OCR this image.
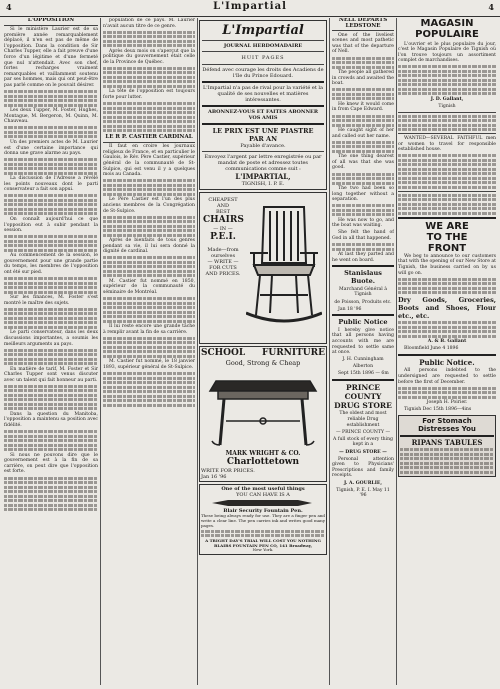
4	L'Impartial	4

L'OPPOSITION

Si le ministère Laurier est de sa première année remarquablement déplacé, il n'en est pas de même de l'opposition. Dans la condition de Sir Charles Tupper, elle a fait preuve d'une force d'un légitime et d'une fermeté que nul n'attendait. Avec son chef, fortes recharges vraiment remarquables et vaillamment soutenu par ses hommes, mais qui ont peut-être pas parlé comme on le pouvait désirer.

Les deux Tupper, M. Foster, Hughes, Montague, M. Bergeron, M. Quinn, M. Chauveau.

Un des premiers actes de M. Laurier est d'une certaine importance qui donna une grave alarme au pays.

La discussion de l'Adresse a révélé les points nouveaux dont le parti conservateur a fait son appui.

On connaît aujourd'hui ce que l'opposition eut à subir pendant la session.

Au commencement de la session, le gouvernement pour une grande partie du temps, les membres de l'opposition ont été sur pied.

Sur les finances, M. Foster s'est montré le maître des sujets.

Le parti conservateur, dans les deux discussions importantes, a soumis les meilleurs arguments au pays.

En matière de tarif, M. Foster et Sir Charles Tupper sont venus discuter avec un talent qui fait honneur au parti.

Dans la question du Manitoba, l'opposition a maintenu sa position avec fidélité.

Si nous ne pouvons dire que le gouvernement est à la fin de sa carrière, on peut dire que l'opposition est forte.

population de ce pays. M. Laurier n'avait aucun titre de ce genre.

Après deux mois on s'aperçut que la politique du gouvernement était celle de la Province de Québec.

La tête de l'opposition est toujours forte pour lutter.

LE R P. CASTIER CARDINAL

Il faut en croire les journaux religieux de France, et en particulier le Gaulois, le Rév. Père Castier, supérieur général de la communauté de St-Sulpice, qui est venu il y a quelques mois au Canada.

Le Père Castier est l'un des plus anciens membres de la Congrégation de St-Sulpice.

Après de bienfaits de tous genres pendant sa vie, il lui sera donné la dignité de cardinal.

M. Castier fut nommé en 1850, supérieur de la communauté du séminaire de Montréal.

Il lui reste encore une grande tâche à remplir avant la fin de sa carrière.

M. Castier fut nommé, le 18 janvier 1893, supérieur général de St-Sulpice.

L'Impartial
JOURNAL HEBDOMADAIRE
HUIT PAGES
Défend avec courage les droits des Acadiens de l'Ile du Prince Edouard.
L'Impartial n'a pas de rival pour la variété et la qualité de ses nouvelles et matières intéressantes.
ABONNEZ-VOUS ET FAITES ABONNER VOS AMIS
LE PRIX EST UNE PIASTRE
PAR AN
Payable d'avance.
Envoyez l'argent par lettre enregistrée ou par mandat de poste et adressez toutes communications comme suit :
L'IMPARTIAL,
TIGNISH, I. P. E.
CHEAPEST
AND
BEST
CHAIRS
— IN —
P.E.I.
Made—from ourselves
— WRITE —
FOR CUTS
AND PRICES.
SCHOOL FURNITURE
Good, Strong & Cheap
MARK WRIGHT & CO.
Charlottetown
WRITE FOR PRICES.
Jan 16 '96
One of the most useful things
YOU CAN HAVE IS A
Blair Security Fountain Pen.
These being always ready for use. They are a finger pen and write a clear line. The pen carries ink and writes good many pages.
A TRIGHT DAY'S TRIAL WILL COST YOU NOTHING
BLAIRS FOUNTAIN PEN CO, 141 Broadway,
New York.

NELL DEPARTS LEDSTONE

One of the liveliest scenes and most pathetic was that of the departure of Nell.

The people all gathered in crowds and awaited the boat.

He knew it would come in from Cape Edward.

He caught sight of her and called out her name.

The one thing dearest of all was that she was good.

The two had been so long together without a separation.

He was now to go, and the boat was waiting.

She felt the hand of God in all that happened.

At last they parted and he went on board.

Stanislaus Buote.

Marchand Général à Tignish

de Poisson, Produits etc.

Jan 18 '96

Public Notice

I hereby give notice that all persons having accounts with me are requested to settle same at once.

J. H. Cunningham

Alberton

Sept 15th 1896 — 6m

PRINCE COUNTY DRUG STORE

The oldest and most reliable Drug establishment

— PRINCE COUNTY —

A full stock of every thing kept in a

— DRUG STORE —

Personal attention given to Physicians' Prescriptions and family receipts.

J. A. GOURLIE,

Tignish, P. E. I. May 11 '96

MAGASIN POPULAIRE

L'ouvrier et le plus populaire du jour, c'est le Magasin Populaire de Tignish où l'on trouve toujours un assortiment complet de marchandises.

J. D. Gallant,

Tignish

WANTED—SEVERAL FAITHFUL men or women to travel for responsible established house.

WE ARE
TO THE
FRONT

We beg to announce to our customers that with the opening of our New Store at Tignish, the business carried on by us will go on.

Dry Goods, Groceries, Boots and Shoes, Flour etc., etc.

A. & B. Gallant

Bloomfield June 4 1896

Public Notice.

All persons indebted to the undersigned are requested to settle before the first of December.

Joseph H. Poirier.

Tignish Dec 15th 1896—4ins

For Stomach
Distresses You
RIPANS TABULES
